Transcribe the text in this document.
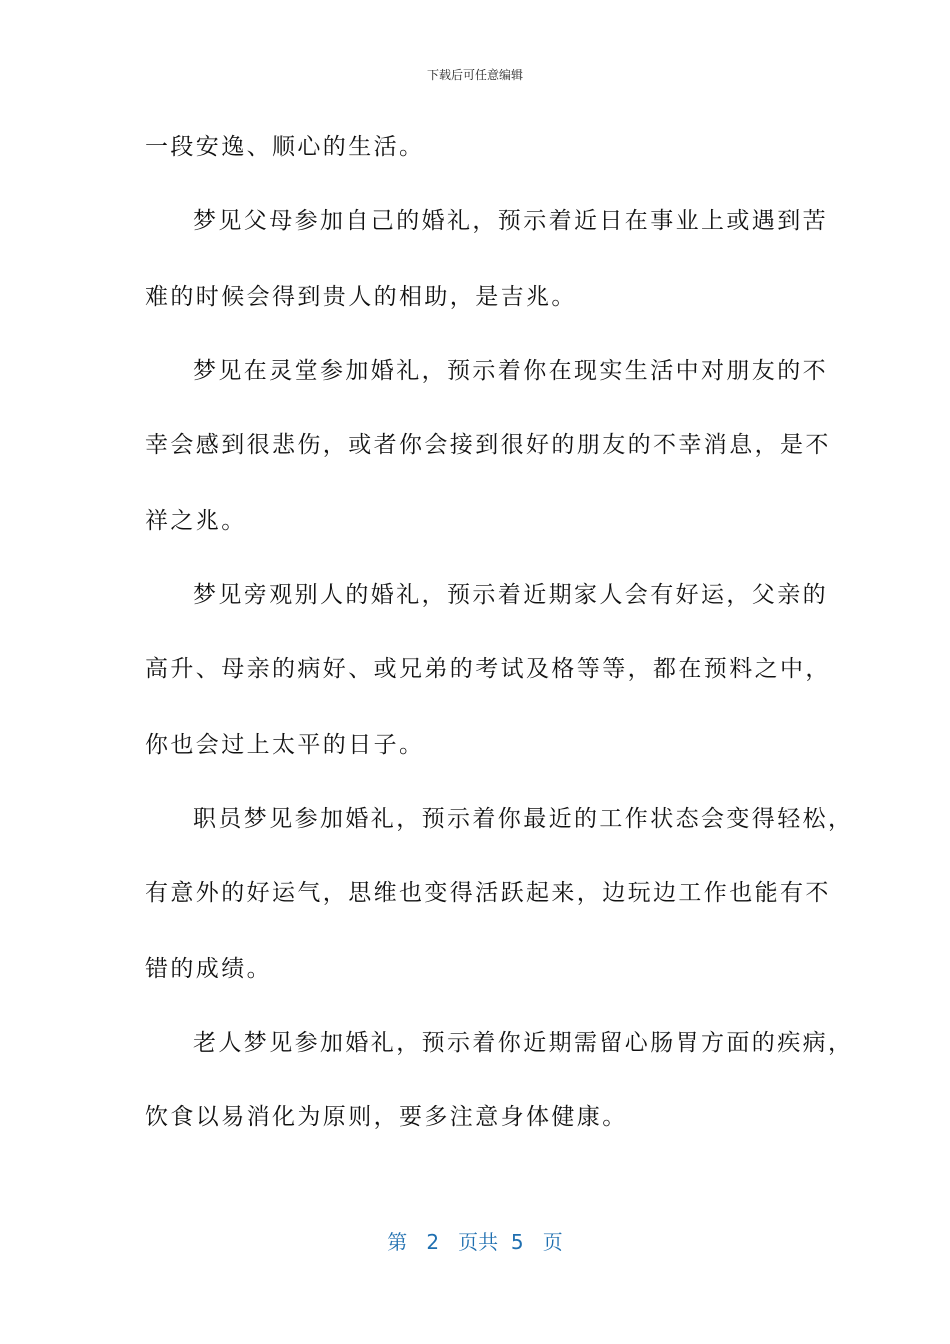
下载后可任意编辑
一段安逸、顺心的生活。
梦见父母参加自己的婚礼，预示着近日在事业上或遇到苦
难的时候会得到贵人的相助，是吉兆。
梦见在灵堂参加婚礼，预示着你在现实生活中对朋友的不
幸会感到很悲伤，或者你会接到很好的朋友的不幸消息，是不
祥之兆。
梦见旁观别人的婚礼，预示着近期家人会有好运，父亲的
高升、母亲的病好、或兄弟的考试及格等等，都在预料之中，
你也会过上太平的日子。
职员梦见参加婚礼，预示着你最近的工作状态会变得轻松，
有意外的好运气，思维也变得活跃起来，边玩边工作也能有不
错的成绩。
老人梦见参加婚礼，预示着你近期需留心肠胃方面的疾病，
饮食以易消化为原则，要多注意身体健康。
第 2 页共 5 页
